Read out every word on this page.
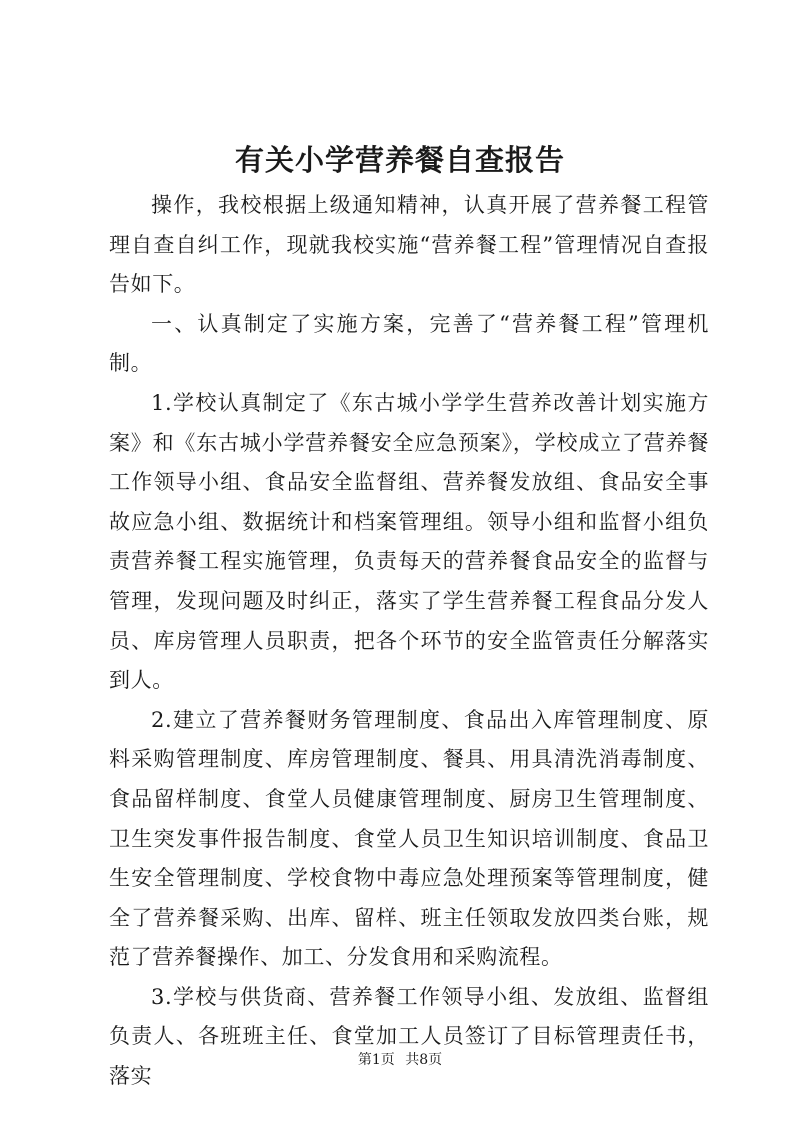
有关小学营养餐自查报告

操作，我校根据上级通知精神，认真开展了营养餐工程管理自查自纠工作，现就我校实施“营养餐工程”管理情况自查报告如下。

一、认真制定了实施方案，完善了“营养餐工程”管理机制。

1.学校认真制定了《东古城小学学生营养改善计划实施方案》和《东古城小学营养餐安全应急预案》，学校成立了营养餐工作领导小组、食品安全监督组、营养餐发放组、食品安全事故应急小组、数据统计和档案管理组。领导小组和监督小组负责营养餐工程实施管理，负责每天的营养餐食品安全的监督与管理，发现问题及时纠正，落实了学生营养餐工程食品分发人员、库房管理人员职责，把各个环节的安全监管责任分解落实到人。

2.建立了营养餐财务管理制度、食品出入库管理制度、原料采购管理制度、库房管理制度、餐具、用具清洗消毒制度、食品留样制度、食堂人员健康管理制度、厨房卫生管理制度、卫生突发事件报告制度、食堂人员卫生知识培训制度、食品卫生安全管理制度、学校食物中毒应急处理预案等管理制度，健全了营养餐采购、出库、留样、班主任领取发放四类台账，规范了营养餐操作、加工、分发食用和采购流程。

3.学校与供货商、营养餐工作领导小组、发放组、监督组负责人、各班班主任、食堂加工人员签订了目标管理责任书，落实

第1页 共8页
